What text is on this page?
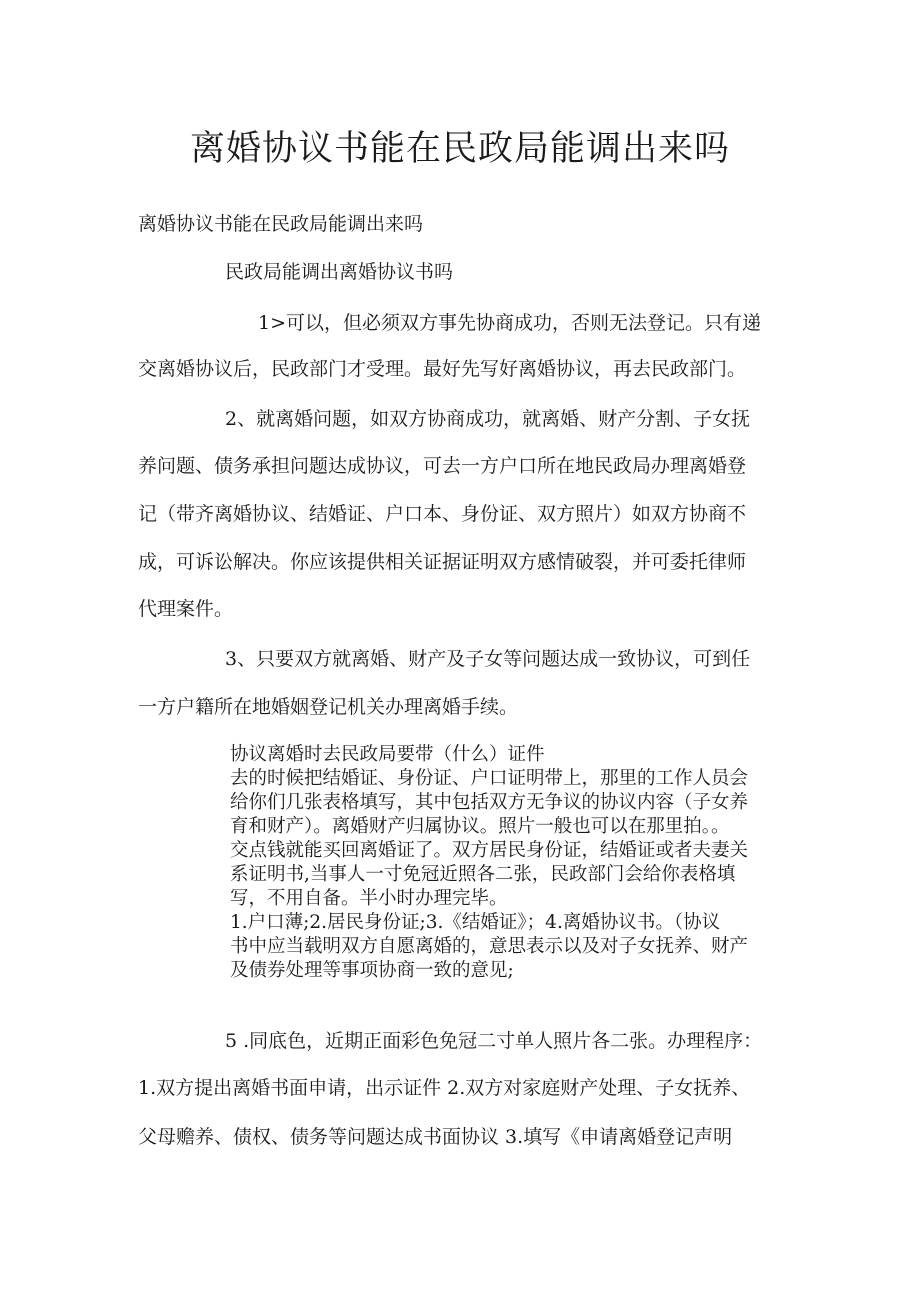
离婚协议书能在民政局能调出来吗

离婚协议书能在民政局能调出来吗

民政局能调出离婚协议书吗

1>可以，但必须双方事先协商成功，否则无法登记。只有递

交离婚协议后，民政部门才受理。最好先写好离婚协议，再去民政部门。

2、就离婚问题，如双方协商成功，就离婚、财产分割、子女抚

养问题、债务承担问题达成协议，可去一方户口所在地民政局办理离婚登

记（带齐离婚协议、结婚证、户口本、身份证、双方照片）如双方协商不

成，可诉讼解决。你应该提供相关证据证明双方感情破裂，并可委托律师

代理案件。

3、只要双方就离婚、财产及子女等问题达成一致协议，可到任

一方户籍所在地婚姻登记机关办理离婚手续。

协议离婚时去民政局要带（什么）证件
去的时候把结婚证、身份证、户口证明带上，那里的工作人员会
给你们几张表格填写，其中包括双方无争议的协议内容（子女养
育和财产）。离婚财产归属协议。照片一般也可以在那里拍。。
交点钱就能买回离婚证了。双方居民身份证，结婚证或者夫妻关
系证明书,当事人一寸免冠近照各二张，民政部门会给你表格填
写，不用自备。半小时办理完毕。
1.户口薄;2.居民身份证;3.《结婚证》；4.离婚协议书。（协议
书中应当载明双方自愿离婚的，意思表示以及对子女抚养、财产
及债券处理等事项协商一致的意见;

5 .同底色，近期正面彩色免冠二寸单人照片各二张。办理程序：

1.双方提出离婚书面申请，出示证件 2.双方对家庭财产处理、子女抚养、

父母赡养、债权、债务等问题达成书面协议 3.填写《申请离婚登记声明
